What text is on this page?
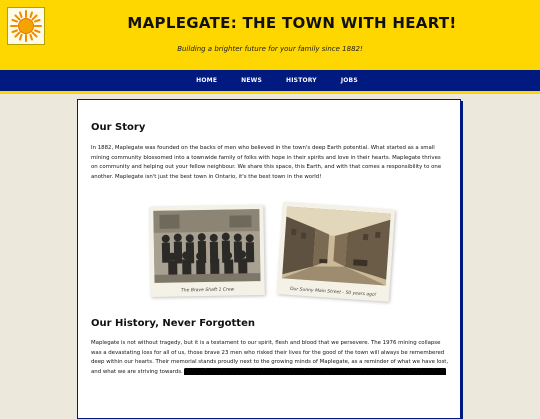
MAPLEGATE: THE TOWN WITH HEART!
Building a brighter future for your family since 1882!
HOME	NEWS	HISTORY	JOBS
Our Story
In 1882, Maplegate was founded on the backs of men who believed in the town's deep Earth potential. What started as a small mining community blossomed into a townwide family of folks with hope in their spirits and love in their hearts. Maplegate thrives on community and helping out your fellow neighbour. We share this space, this Earth, and with that comes a responsibility to one another. Maplegate isn't just the best town in Ontario, it's the best town in the world!
The Brave Shaft 1 Crew	Our Sunny Main Street - 50 years ago!
Our History, Never Forgotten
Maplegate is not without tragedy, but it is a testament to our spirit, flesh and blood that we persevere. The 1976 mining collapse was a devastating loss for all of us, those brave 23 men who risked their lives for the good of the town will always be remembered deep within our hearts. Their memorial stands proudly next to the growing minds of Maplegate, as a reminder of what we have lost, and what we are striving towards. ███████████████████████████████████████████████████████████████
